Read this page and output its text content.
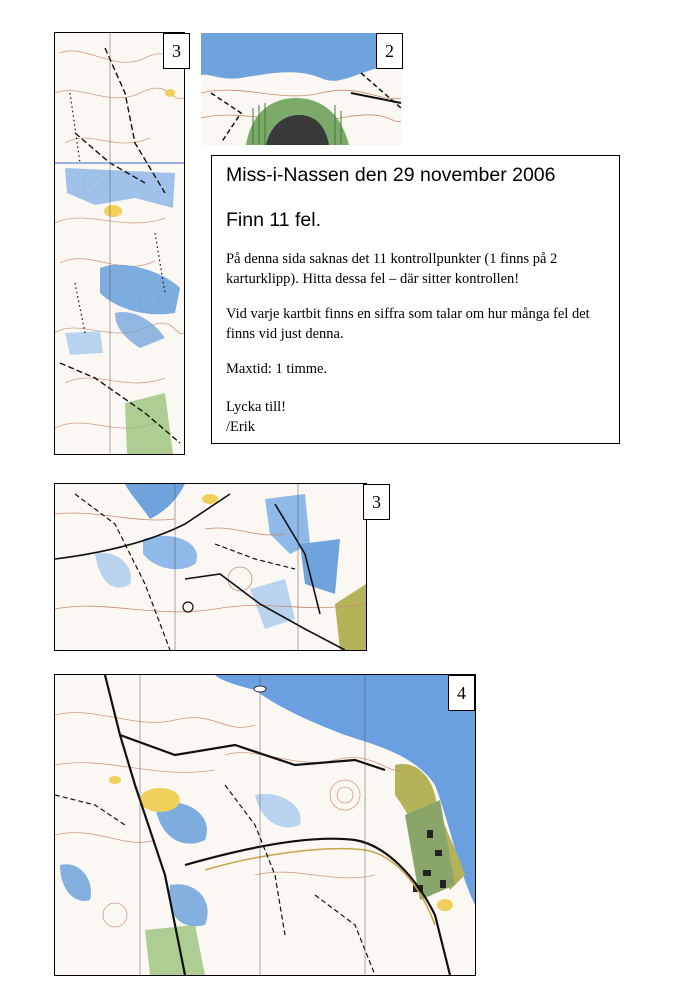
3	2
Miss-i-Nassen den 29 november 2006
Finn 11 fel.

På denna sida saknas det 11 kontrollpunkter (1 finns på 2 karturklipp). Hitta dessa fel – där sitter kontrollen!

Vid varje kartbit finns en siffra som talar om hur många fel det finns vid just denna.

Maxtid: 1 timme.

Lycka till!
/Erik

3
4
